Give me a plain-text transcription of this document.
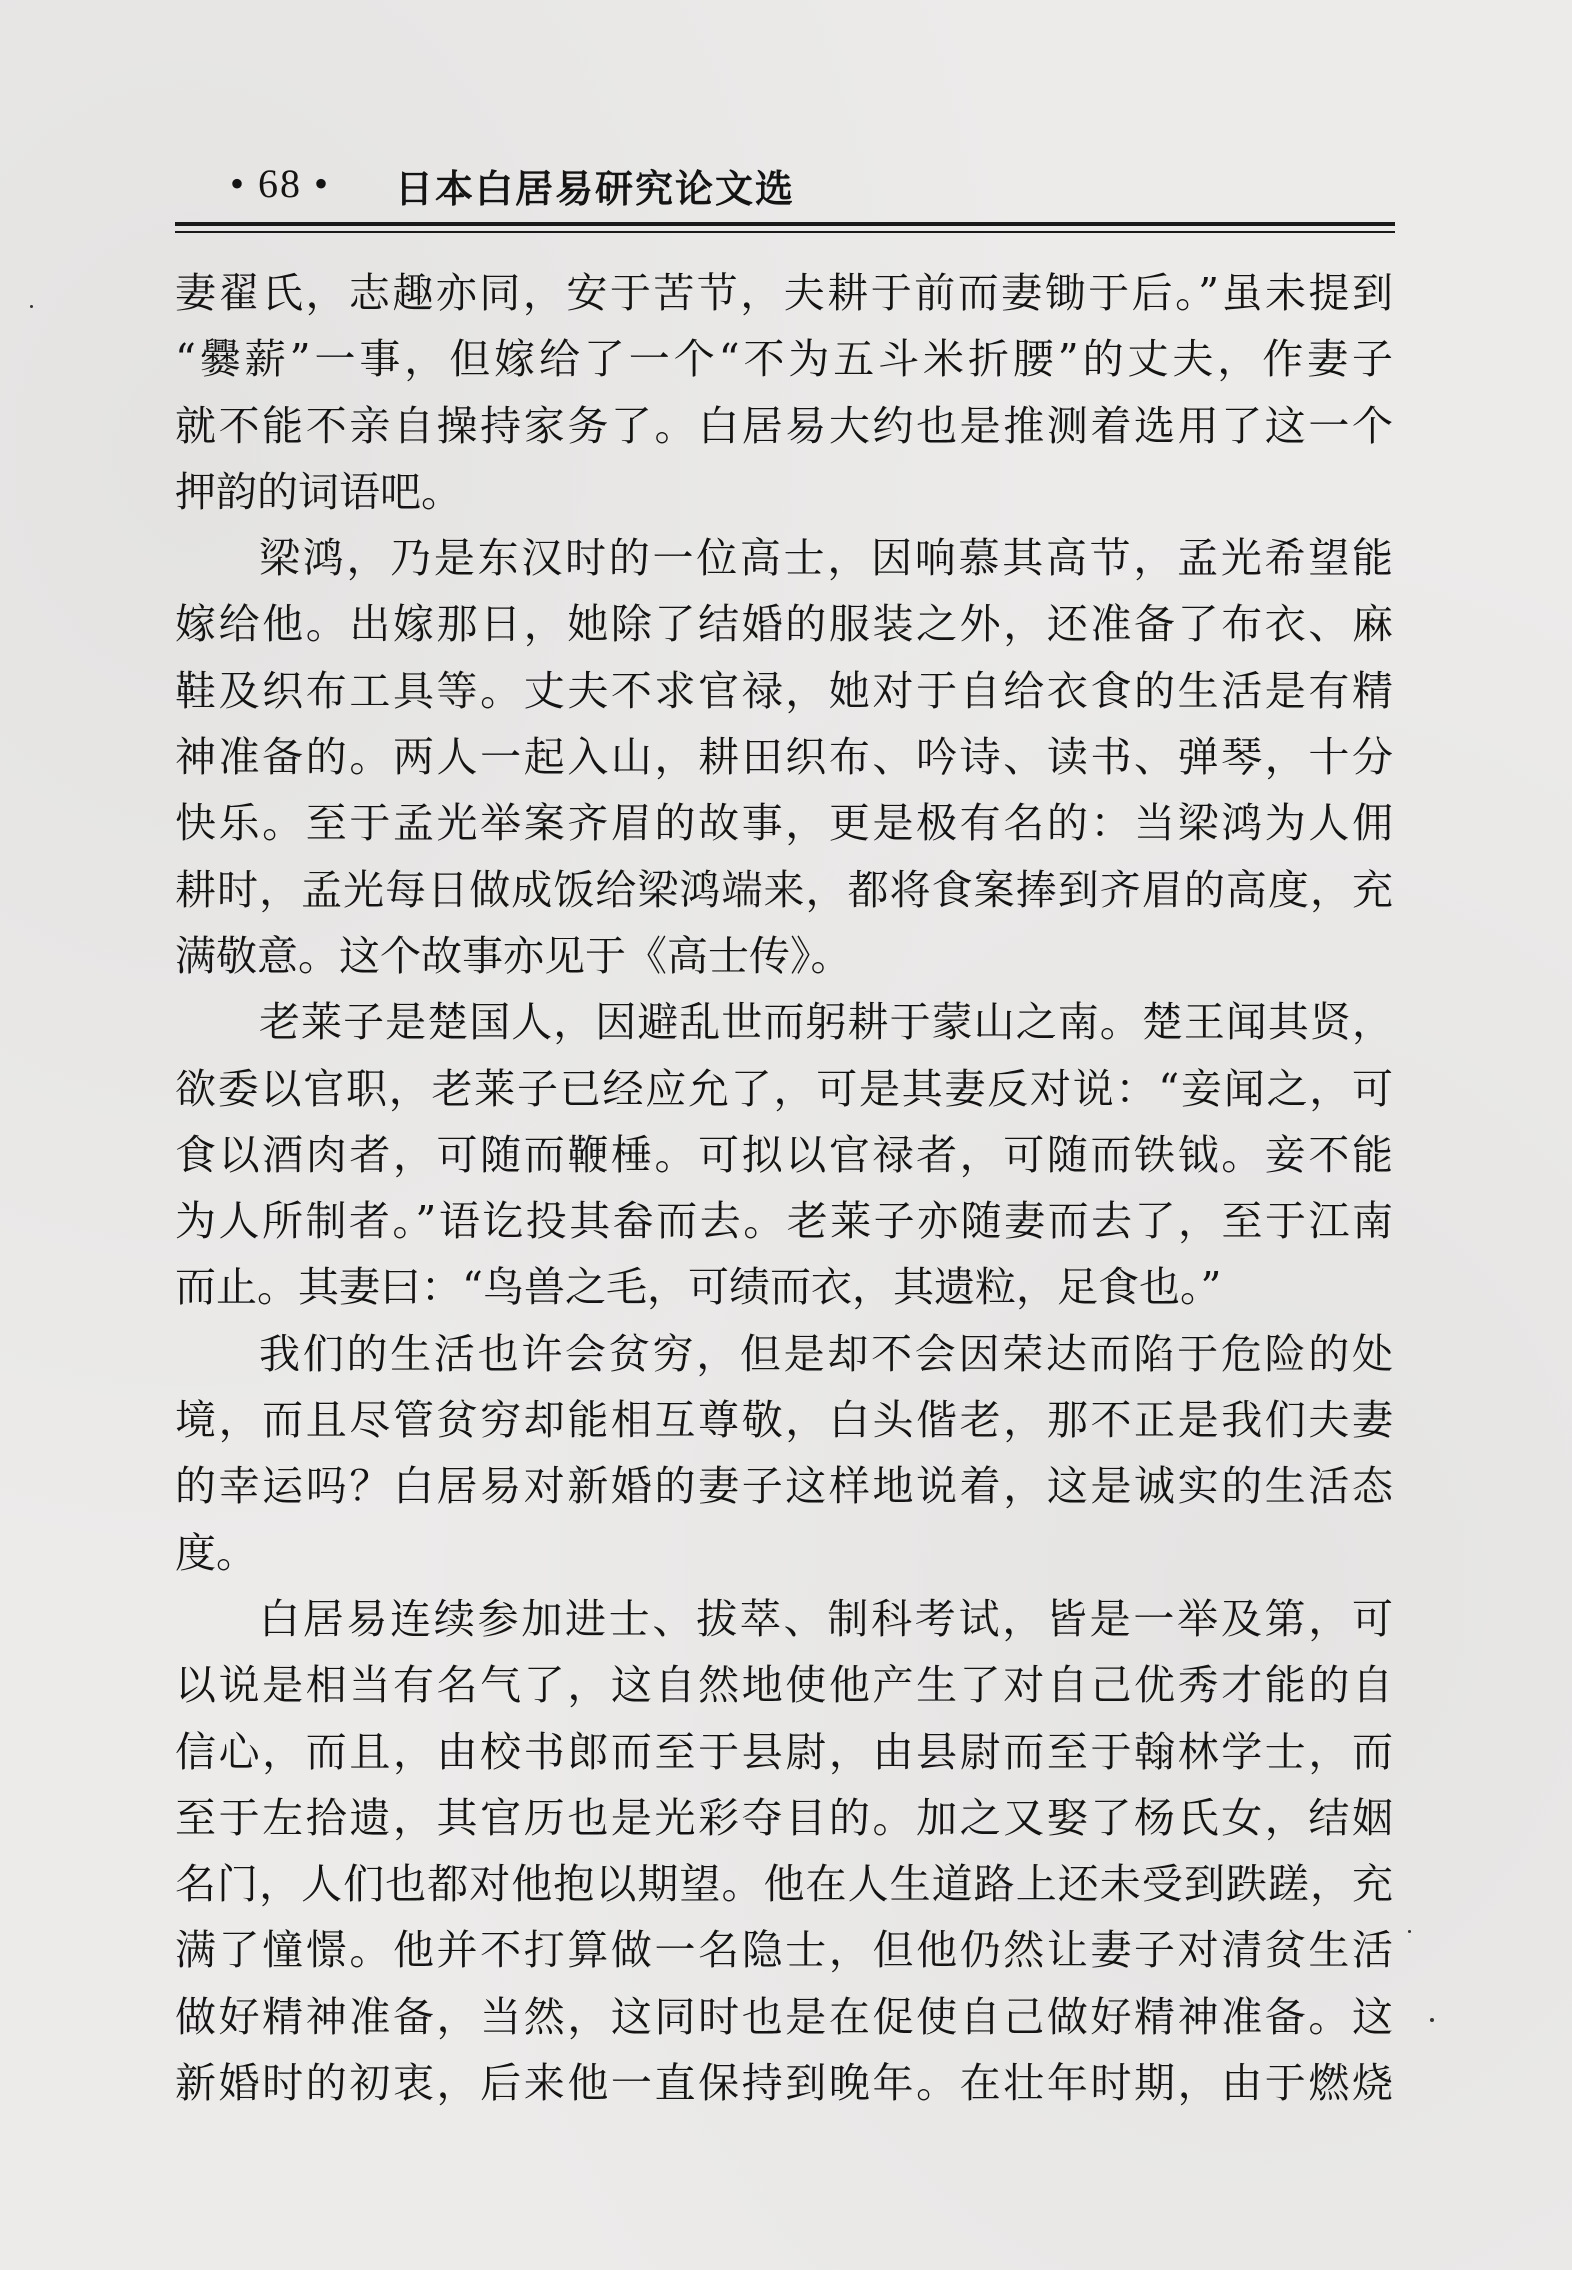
• 68 • 日本白居易研究论文选
妻翟氏，志趣亦同，安于苦节，夫耕于前而妻锄于后。”虽未提到
“爨薪”一事，但嫁给了一个“不为五斗米折腰”的丈夫，作妻子
就不能不亲自操持家务了。白居易大约也是推测着选用了这一个
押韵的词语吧。
梁鸿，乃是东汉时的一位高士，因响慕其高节，孟光希望能
嫁给他。出嫁那日，她除了结婚的服装之外，还准备了布衣、麻
鞋及织布工具等。丈夫不求官禄，她对于自给衣食的生活是有精
神准备的。两人一起入山，耕田织布、吟诗、读书、弹琴，十分
快乐。至于孟光举案齐眉的故事，更是极有名的：当梁鸿为人佣
耕时，孟光每日做成饭给梁鸿端来，都将食案捧到齐眉的高度，充
满敬意。这个故事亦见于《高士传》。
老莱子是楚国人，因避乱世而躬耕于蒙山之南。楚王闻其贤，
欲委以官职，老莱子已经应允了，可是其妻反对说：“妾闻之，可
食以酒肉者，可随而鞭棰。可拟以官禄者，可随而铁钺。妾不能
为人所制者。”语讫投其畚而去。老莱子亦随妻而去了，至于江南
而止。其妻曰：“鸟兽之毛，可绩而衣，其遗粒，足食也。”
我们的生活也许会贫穷，但是却不会因荣达而陷于危险的处
境，而且尽管贫穷却能相互尊敬，白头偕老，那不正是我们夫妻
的幸运吗？白居易对新婚的妻子这样地说着，这是诚实的生活态
度。
白居易连续参加进士、拔萃、制科考试，皆是一举及第，可
以说是相当有名气了，这自然地使他产生了对自己优秀才能的自
信心，而且，由校书郎而至于县尉，由县尉而至于翰林学士，而
至于左拾遗，其官历也是光彩夺目的。加之又娶了杨氏女，结姻
名门，人们也都对他抱以期望。他在人生道路上还未受到跌蹉，充
满了憧憬。他并不打算做一名隐士，但他仍然让妻子对清贫生活
做好精神准备，当然，这同时也是在促使自己做好精神准备。这
新婚时的初衷，后来他一直保持到晚年。在壮年时期，由于燃烧
